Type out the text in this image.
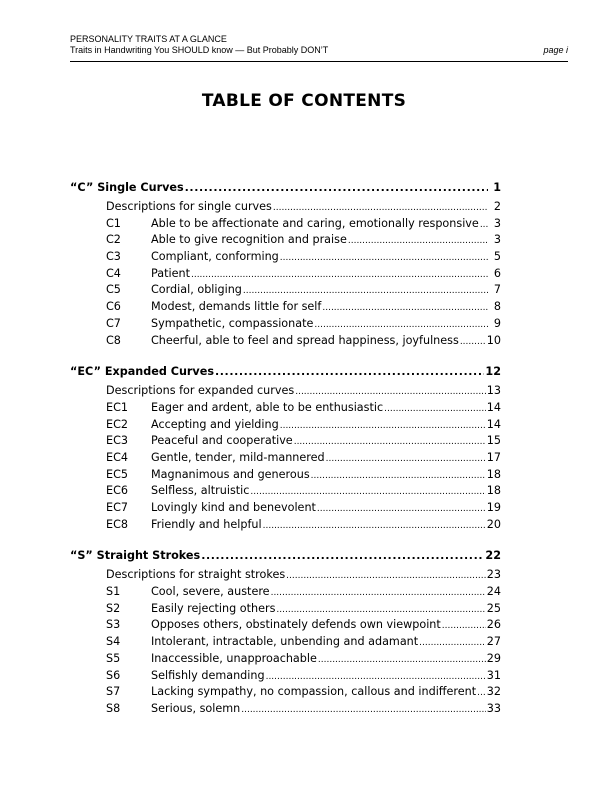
PERSONALITY TRAITS AT A GLANCE
Traits in Handwriting You SHOULD know — But Probably DON’T	page i
TABLE OF CONTENTS
“C” Single Curves .....	1
Descriptions for single curves .....	2
C1	Able to be affectionate and caring, emotionally responsive .....	3
C2	Able to give recognition and praise .....	3
C3	Compliant, conforming .....	5
C4	Patient .....	6
C5	Cordial, obliging .....	7
C6	Modest, demands little for self .....	8
C7	Sympathetic, compassionate .....	9
C8	Cheerful, able to feel and spread happiness, joyfulness ..... 10
“EC” Expanded Curves .....	12
Descriptions for expanded curves .....	13
EC1	Eager and ardent, able to be enthusiastic .....	14
EC2	Accepting and yielding .....	14
EC3	Peaceful and cooperative .....	15
EC4	Gentle, tender, mild-mannered .....	17
EC5	Magnanimous and generous .....	18
EC6	Selfless, altruistic .....	18
EC7	Lovingly kind and benevolent .....	19
EC8	Friendly and helpful .....	20
“S” Straight Strokes .....	22
Descriptions for straight strokes .....	23
S1	Cool, severe, austere .....	24
S2	Easily rejecting others .....	25
S3	Opposes others, obstinately defends own viewpoint .....	26
S4	Intolerant, intractable, unbending and adamant .....	27
S5	Inaccessible, unapproachable .....	29
S6	Selfishly demanding .....	31
S7	Lacking sympathy, no compassion, callous and indifferent ..... 32
S8	Serious, solemn .....	33
